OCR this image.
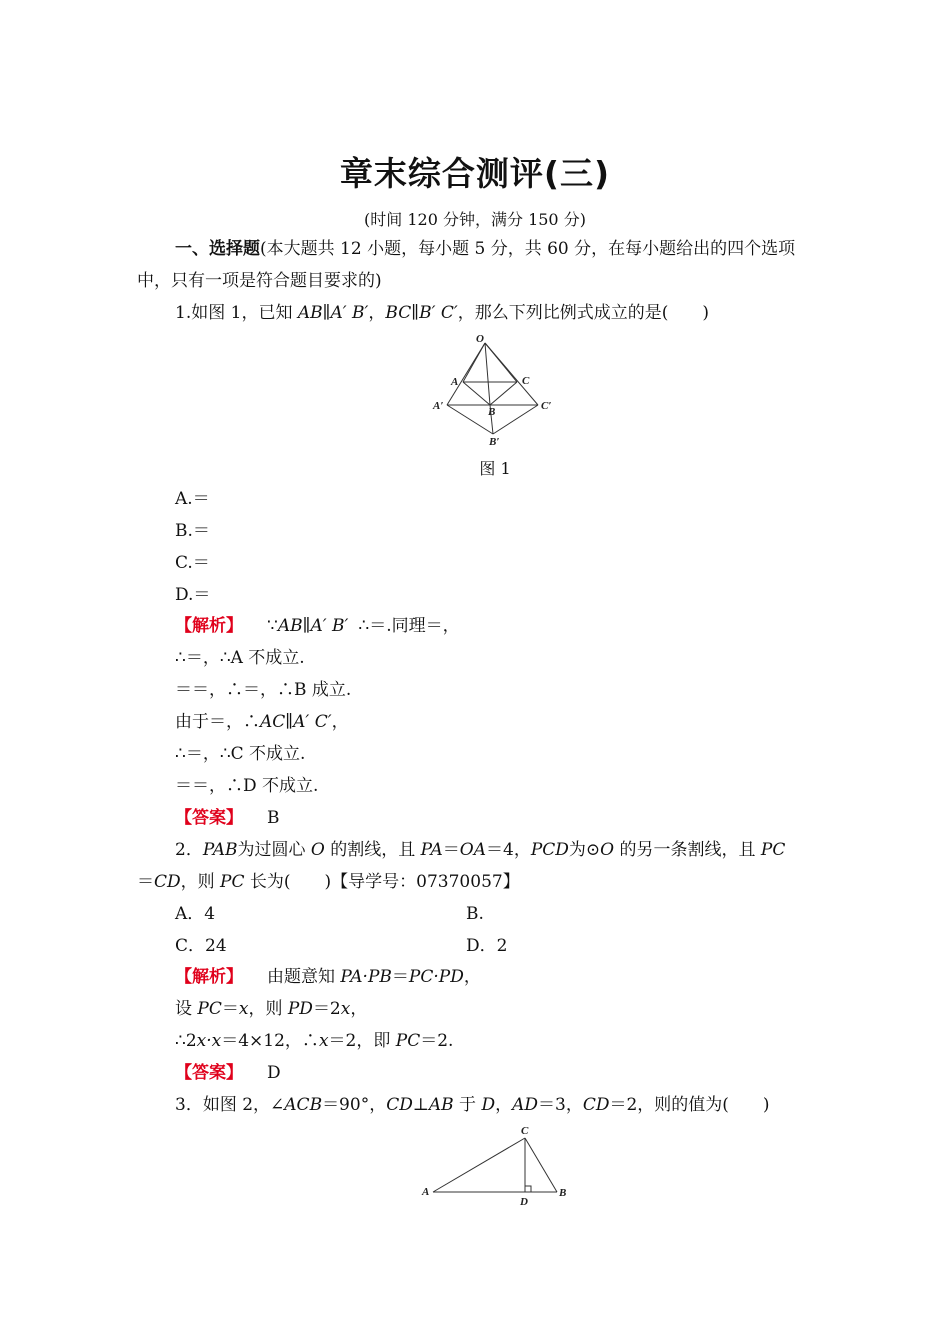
章末综合测评(三)
(时间 120 分钟，满分 150 分)
一、选择题(本大题共 12 小题，每小题 5 分，共 60 分，在每小题给出的四个选项
中，只有一项是符合题目要求的)
1.如图 1，已知 AB∥A′ B′，BC∥B′ C′，那么下列比例式成立的是(　　)
O
A	C
A′	B	C′
B′
图 1
A.＝
B.＝
C.＝
D.＝
【解析】 ∵AB∥A′ B′ ∴＝.同理＝，
∴＝，∴A 不成立.
＝＝，∴＝，∴B 成立.
由于＝，∴AC∥A′ C′，
∴＝，∴C 不成立.
＝＝，∴D 不成立.
【答案】 B
2．PAB为过圆心 O 的割线，且 PA＝OA＝4，PCD为⊙O 的另一条割线，且 PC
＝CD，则 PC 长为(　　)【导学号：07370057】
A．4	B.
C．24	D．2
【解析】 由题意知 PA·PB＝PC·PD，
设 PC＝x，则 PD＝2x，
∴2x·x＝4×12，∴x＝2，即 PC＝2.
【答案】 D
3．如图 2，∠ACB＝90°，CD⊥AB 于 D，AD＝3，CD＝2，则的值为(　　)
C
A	B
D
